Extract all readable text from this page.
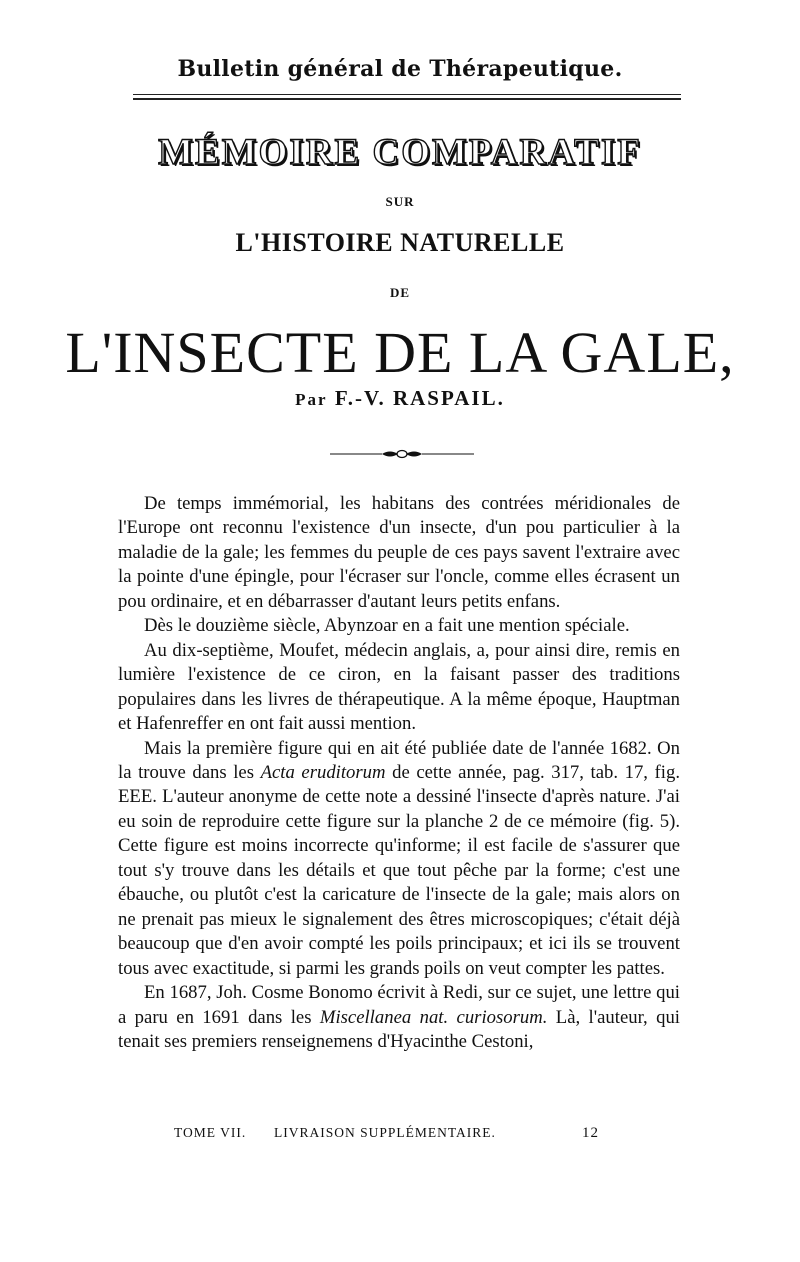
Bulletin général de Thérapeutique.
MÉMOIRE COMPARATIF
SUR
L'HISTOIRE NATURELLE
DE
L'INSECTE DE LA GALE,
Par F.-V. RASPAIL.

De temps immémorial, les habitans des contrées méridionales de l'Europe ont reconnu l'existence d'un insecte, d'un pou particulier à la maladie de la gale; les femmes du peuple de ces pays savent l'extraire avec la pointe d'une épingle, pour l'écraser sur l'oncle, comme elles écrasent un pou ordinaire, et en débarrasser d'autant leurs petits enfans.

Dès le douzième siècle, Abynzoar en a fait une mention spéciale.

Au dix-septième, Moufet, médecin anglais, a, pour ainsi dire, remis en lumière l'existence de ce ciron, en la faisant passer des traditions populaires dans les livres de thérapeutique. A la même époque, Hauptman et Hafenreffer en ont fait aussi mention.

Mais la première figure qui en ait été publiée date de l'année 1682. On la trouve dans les Acta eruditorum de cette année, pag. 317, tab. 17, fig. EEE. L'auteur anonyme de cette note a dessiné l'insecte d'après nature. J'ai eu soin de reproduire cette figure sur la planche 2 de ce mémoire (fig. 5). Cette figure est moins incorrecte qu'informe; il est facile de s'assurer que tout s'y trouve dans les détails et que tout pêche par la forme; c'est une ébauche, ou plutôt c'est la caricature de l'insecte de la gale; mais alors on ne prenait pas mieux le signalement des êtres microscopiques; c'était déjà beaucoup que d'en avoir compté les poils principaux; et ici ils se trouvent tous avec exactitude, si parmi les grands poils on veut compter les pattes.

En 1687, Joh. Cosme Bonomo écrivit à Redi, sur ce sujet, une lettre qui a paru en 1691 dans les Miscellanea nat. curiosorum. Là, l'auteur, qui tenait ses premiers renseignemens d'Hyacinthe Cestoni,

TOME VII. LIVRAISON SUPPLÉMENTAIRE.	12
